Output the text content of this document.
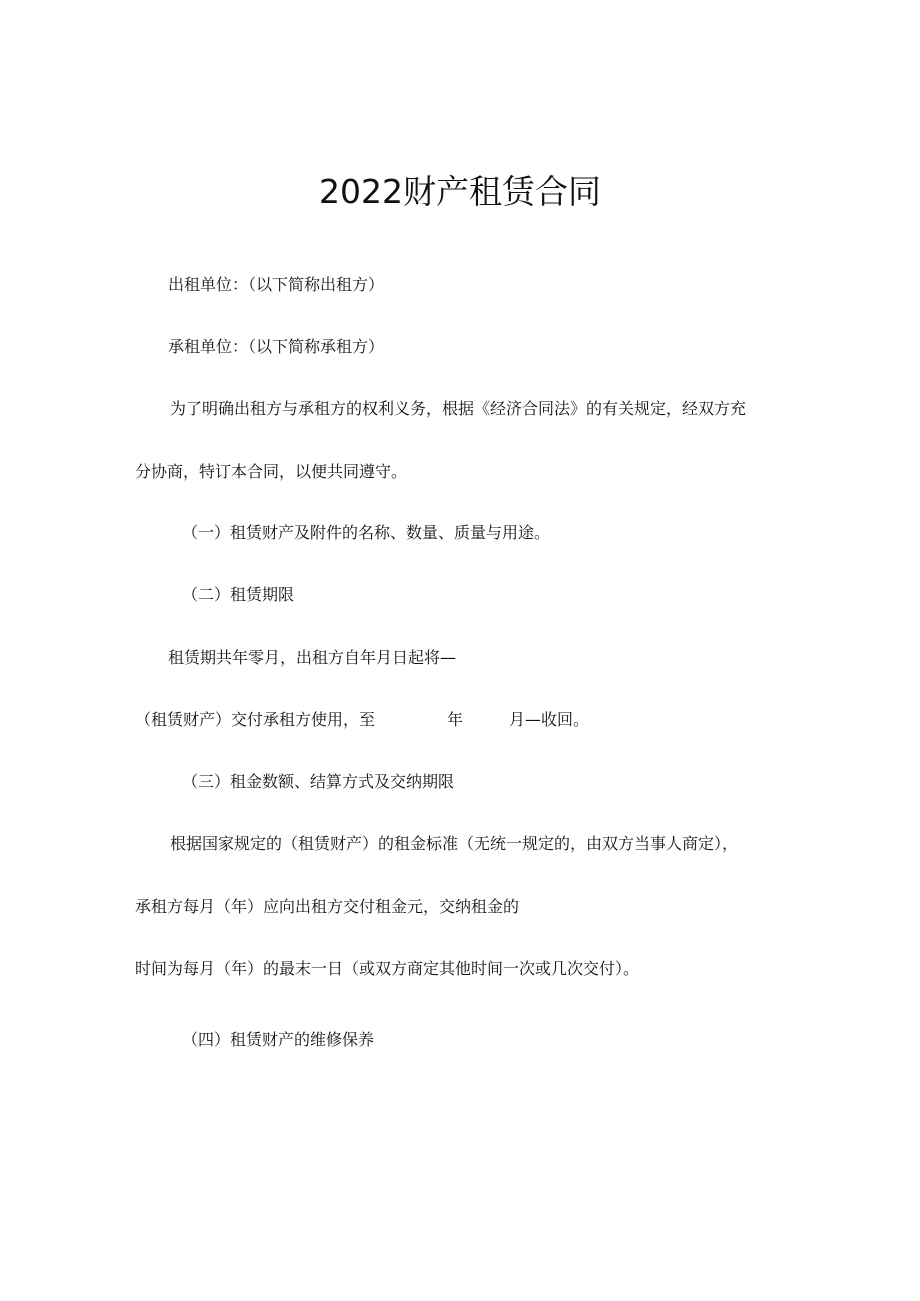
2022财产租赁合同
出租单位：（以下简称出租方）
承租单位：（以下简称承租方）
为了明确出租方与承租方的权利义务，根据《经济合同法》的有关规定，经双方充
分协商，特订本合同，以便共同遵守。
（一）租赁财产及附件的名称、数量、质量与用途。
（二）租赁期限
租赁期共年零月，出租方自年月日起将—
（租赁财产）交付承租方使用，至	年	月—收回。
（三）租金数额、结算方式及交纳期限
根据国家规定的（租赁财产）的租金标准（无统一规定的，由双方当事人商定），
承租方每月（年）应向出租方交付租金元，交纳租金的
时间为每月（年）的最末一日（或双方商定其他时间一次或几次交付）。
（四）租赁财产的维修保养
